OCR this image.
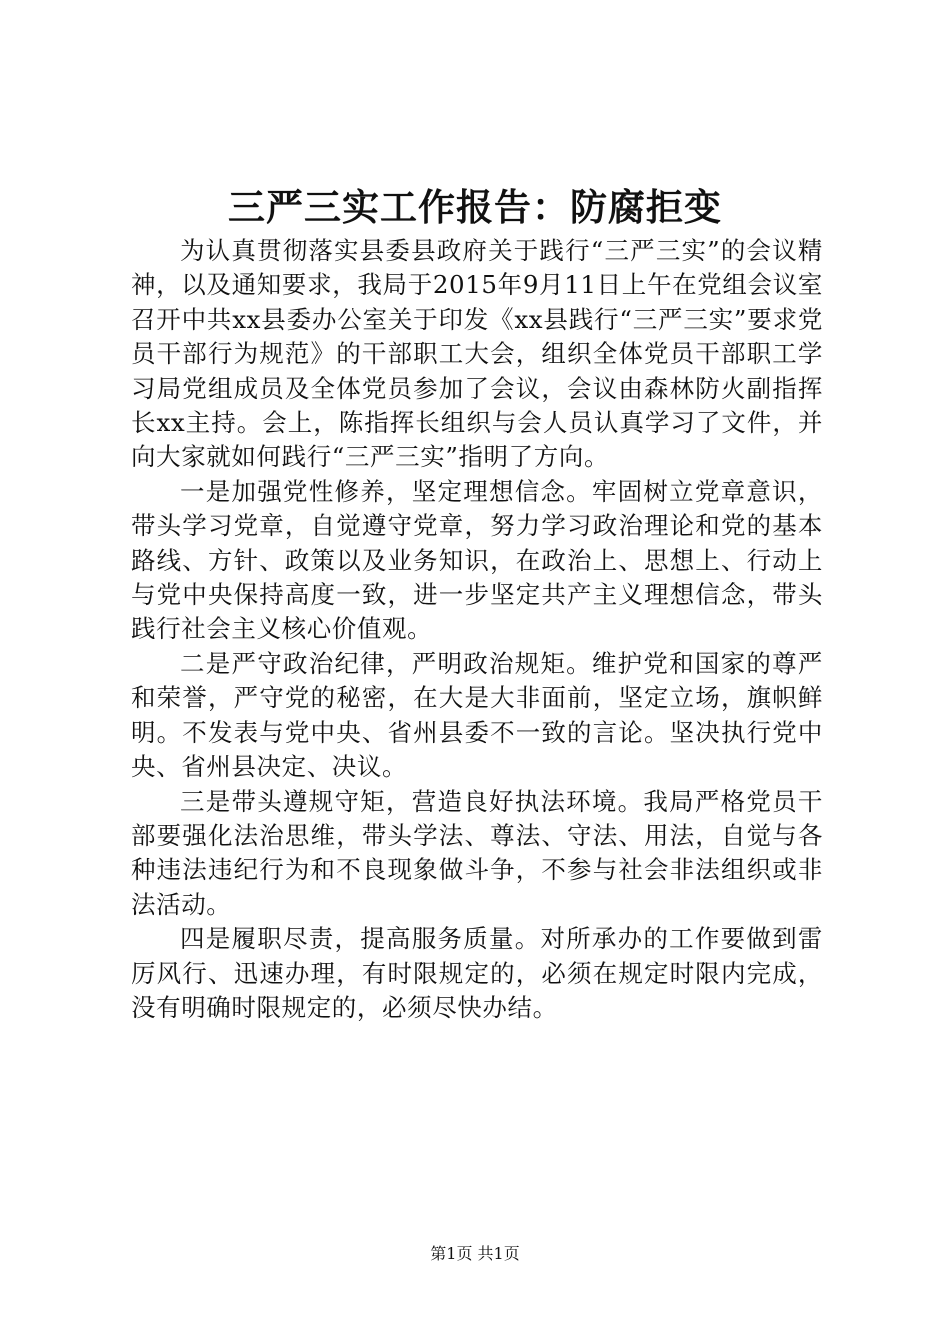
三严三实工作报告：防腐拒变

为认真贯彻落实县委县政府关于践行“三严三实”的会议精神，以及通知要求，我局于2015年9月11日上午在党组会议室召开中共xx县委办公室关于印发《xx县践行“三严三实”要求党员干部行为规范》的干部职工大会，组织全体党员干部职工学习局党组成员及全体党员参加了会议，会议由森林防火副指挥长xx主持。会上，陈指挥长组织与会人员认真学习了文件，并向大家就如何践行“三严三实”指明了方向。

一是加强党性修养，坚定理想信念。牢固树立党章意识，带头学习党章，自觉遵守党章，努力学习政治理论和党的基本路线、方针、政策以及业务知识，在政治上、思想上、行动上与党中央保持高度一致，进一步坚定共产主义理想信念，带头践行社会主义核心价值观。

二是严守政治纪律，严明政治规矩。维护党和国家的尊严和荣誉，严守党的秘密，在大是大非面前，坚定立场，旗帜鲜明。不发表与党中央、省州县委不一致的言论。坚决执行党中央、省州县决定、决议。

三是带头遵规守矩，营造良好执法环境。我局严格党员干部要强化法治思维，带头学法、尊法、守法、用法，自觉与各种违法违纪行为和不良现象做斗争，不参与社会非法组织或非法活动。

四是履职尽责，提高服务质量。对所承办的工作要做到雷厉风行、迅速办理，有时限规定的，必须在规定时限内完成，没有明确时限规定的，必须尽快办结。

第1页 共1页
